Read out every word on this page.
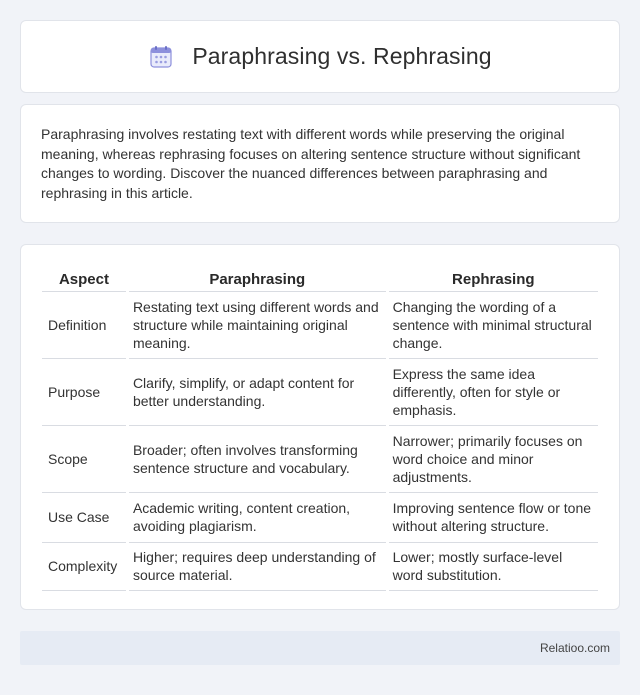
Paraphrasing vs. Rephrasing

Paraphrasing involves restating text with different words while preserving the original meaning, whereas rephrasing focuses on altering sentence structure without significant changes to wording. Discover the nuanced differences between paraphrasing and rephrasing in this article.

Aspect	Paraphrasing	Rephrasing
Definition	Restating text using different words and structure while maintaining original meaning.	Changing the wording of a sentence with minimal structural change.
Purpose	Clarify, simplify, or adapt content for better understanding.	Express the same idea differently, often for style or emphasis.
Scope	Broader; often involves transforming sentence structure and vocabulary.	Narrower; primarily focuses on word choice and minor adjustments.
Use Case	Academic writing, content creation, avoiding plagiarism.	Improving sentence flow or tone without altering structure.
Complexity	Higher; requires deep understanding of source material.	Lower; mostly surface-level word substitution.
Relatioo.com
